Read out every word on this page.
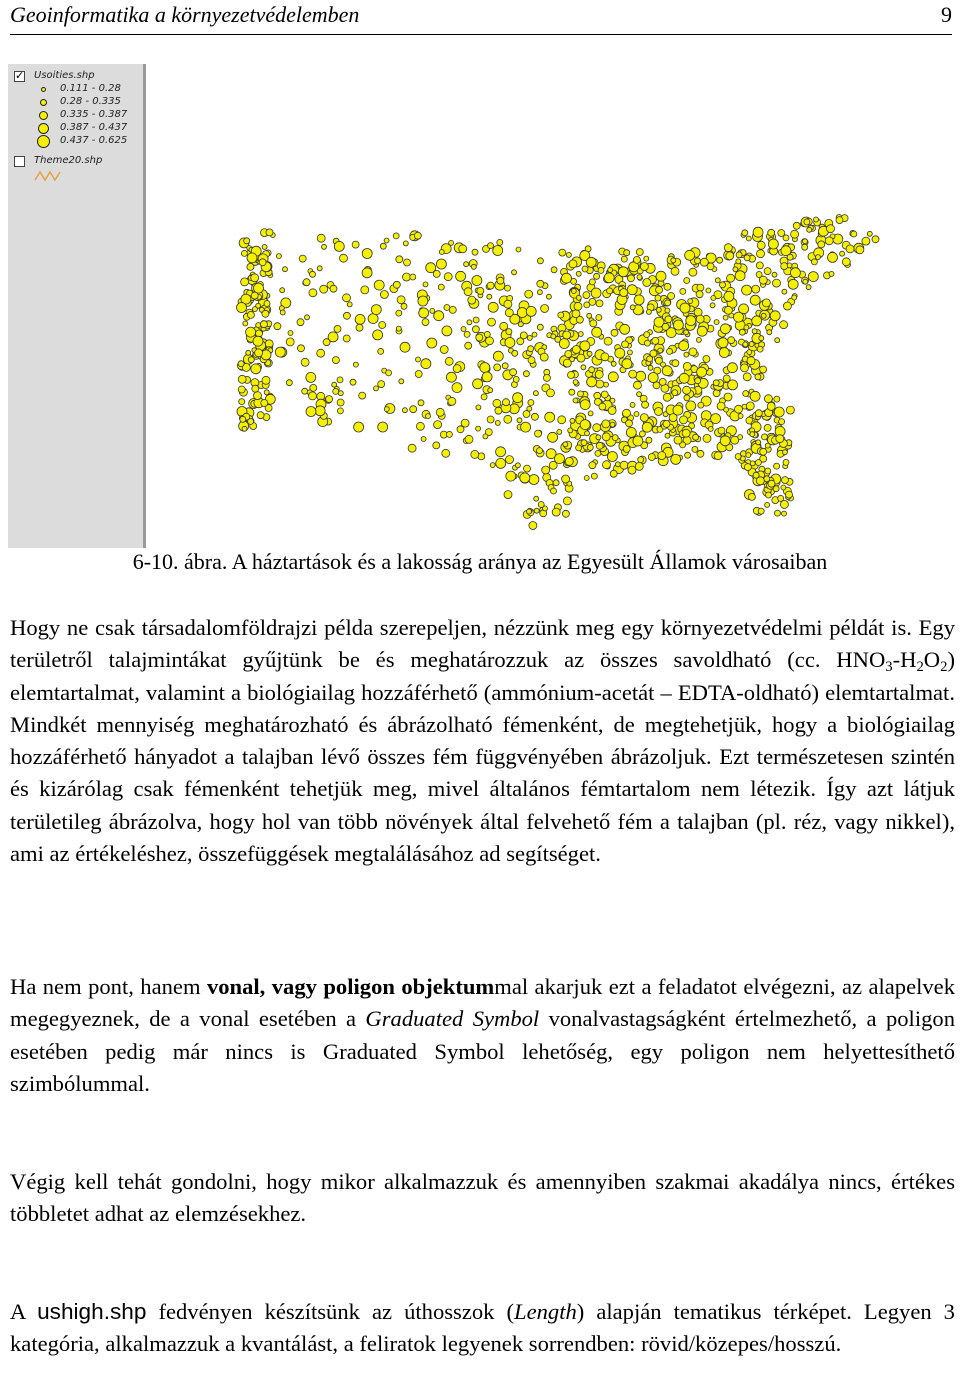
Geoinformatika a környezetvédelemben	9
✓
Usoities.shp
0.111 - 0.28
0.28 - 0.335
0.335 - 0.387
0.387 - 0.437
0.437 - 0.625
Theme20.shp
6-10. ábra. A háztartások és a lakosság aránya az Egyesült Államok városaiban

Hogy ne csak társadalomföldrajzi példa szerepeljen, nézzünk meg egy környezetvédelmi példát is. Egy területről talajmintákat gyűjtünk be és meghatározzuk az összes savoldható (cc. $HNO_3-H_2O_2$) elemtartalmat, valamint a biológiailag hozzáférhető (ammónium-acetát – EDTA-oldható) elemtartalmat. Mindkét mennyiség meghatározható és ábrázolható fémenként, de megtehetjük, hogy a biológiailag hozzáférhető hányadot a talajban lévő összes fém függvényében ábrázoljuk. Ezt természetesen szintén és kizárólag csak fémenként tehetjük meg, mivel általános fémtartalom nem létezik. Így azt látjuk területileg ábrázolva, hogy hol van több növények által felvehető fém a talajban (pl. réz, vagy nikkel), ami az értékeléshez, összefüggések megtalálásához ad segítséget.

Ha nem pont, hanem vonal, vagy poligon objektummal akarjuk ezt a feladatot elvégezni, az alapelvek megegyeznek, de a vonal esetében a Graduated Symbol vonalvastagságként értelmezhető, a poligon esetében pedig már nincs is Graduated Symbol lehetőség, egy poligon nem helyettesíthető szimbólummal.

Végig kell tehát gondolni, hogy mikor alkalmazzuk és amennyiben szakmai akadálya nincs, értékes többletet adhat az elemzésekhez.

A ushigh.shp fedvényen készítsünk az úthosszok (Length) alapján tematikus térképet. Legyen 3 kategória, alkalmazzuk a kvantálást, a feliratok legyenek sorrendben: rövid/közepes/hosszú.
